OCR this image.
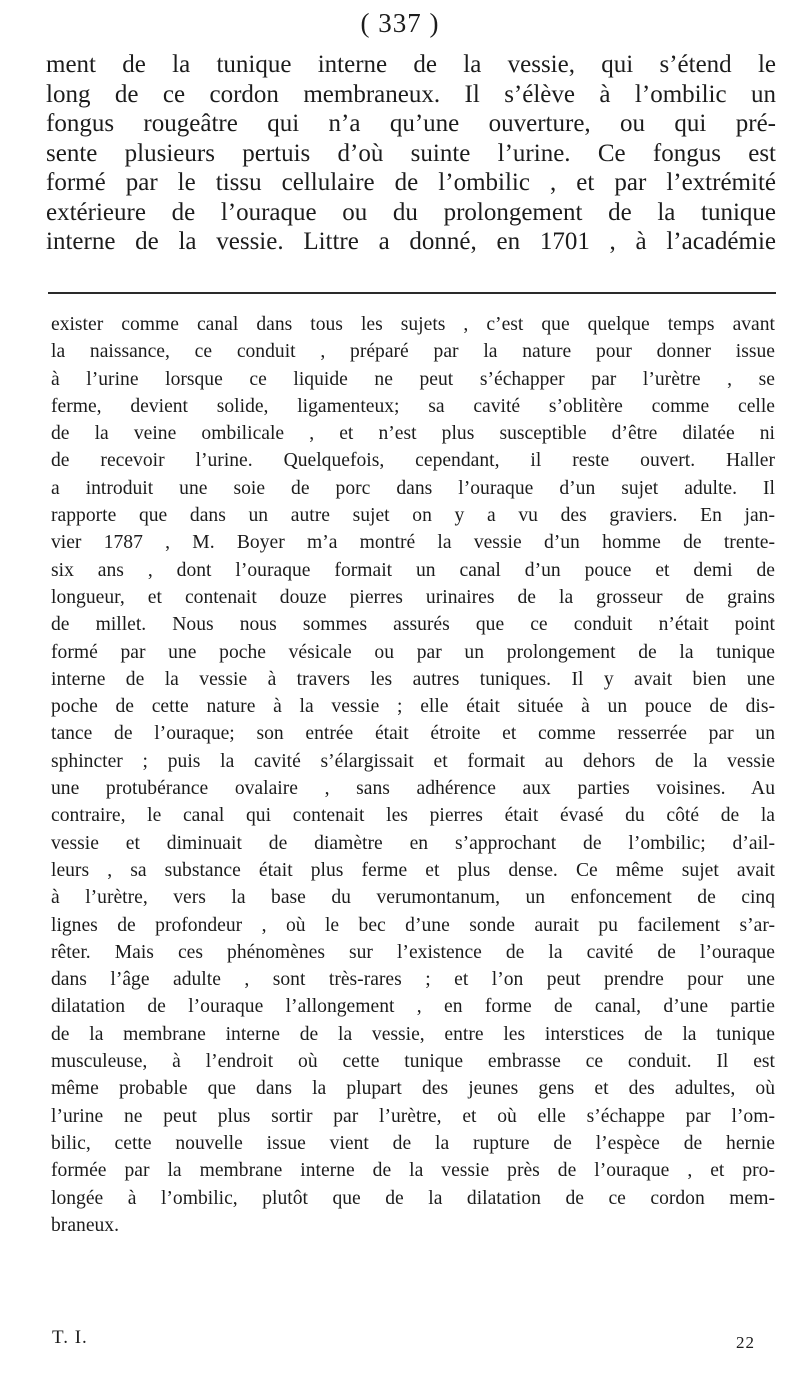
( 337 )
ment de la tunique interne de la vessie, qui s’étend le
long de ce cordon membraneux. Il s’élève à l’ombilic un
fongus rougeâtre qui n’a qu’une ouverture, ou qui pré-
sente plusieurs pertuis d’où suinte l’urine. Ce fongus est
formé par le tissu cellulaire de l’ombilic , et par l’extrémité
extérieure de l’ouraque ou du prolongement de la tunique
interne de la vessie. Littre a donné, en 1701 , à l’académie
exister comme canal dans tous les sujets , c’est que quelque temps avant
la naissance, ce conduit , préparé par la nature pour donner issue
à l’urine lorsque ce liquide ne peut s’échapper par l’urètre , se
ferme, devient solide, ligamenteux; sa cavité s’oblitère comme celle
de la veine ombilicale , et n’est plus susceptible d’être dilatée ni
de recevoir l’urine. Quelquefois, cependant, il reste ouvert. Haller
a introduit une soie de porc dans l’ouraque d’un sujet adulte. Il
rapporte que dans un autre sujet on y a vu des graviers. En jan-
vier 1787 , M. Boyer m’a montré la vessie d’un homme de trente-
six ans , dont l’ouraque formait un canal d’un pouce et demi de
longueur, et contenait douze pierres urinaires de la grosseur de grains
de millet. Nous nous sommes assurés que ce conduit n’était point
formé par une poche vésicale ou par un prolongement de la tunique
interne de la vessie à travers les autres tuniques. Il y avait bien une
poche de cette nature à la vessie ; elle était située à un pouce de dis-
tance de l’ouraque; son entrée était étroite et comme resserrée par un
sphincter ; puis la cavité s’élargissait et formait au dehors de la vessie
une protubérance ovalaire , sans adhérence aux parties voisines. Au
contraire, le canal qui contenait les pierres était évasé du côté de la
vessie et diminuait de diamètre en s’approchant de l’ombilic; d’ail-
leurs , sa substance était plus ferme et plus dense. Ce même sujet avait
à l’urètre, vers la base du verumontanum, un enfoncement de cinq
lignes de profondeur , où le bec d’une sonde aurait pu facilement s’ar-
rêter. Mais ces phénomènes sur l’existence de la cavité de l’ouraque
dans l’âge adulte , sont très-rares ; et l’on peut prendre pour une
dilatation de l’ouraque l’allongement , en forme de canal, d’une partie
de la membrane interne de la vessie, entre les interstices de la tunique
musculeuse, à l’endroit où cette tunique embrasse ce conduit. Il est
même probable que dans la plupart des jeunes gens et des adultes, où
l’urine ne peut plus sortir par l’urètre, et où elle s’échappe par l’om-
bilic, cette nouvelle issue vient de la rupture de l’espèce de hernie
formée par la membrane interne de la vessie près de l’ouraque , et pro-
longée à l’ombilic, plutôt que de la dilatation de ce cordon mem-
braneux.
T. I.	22
